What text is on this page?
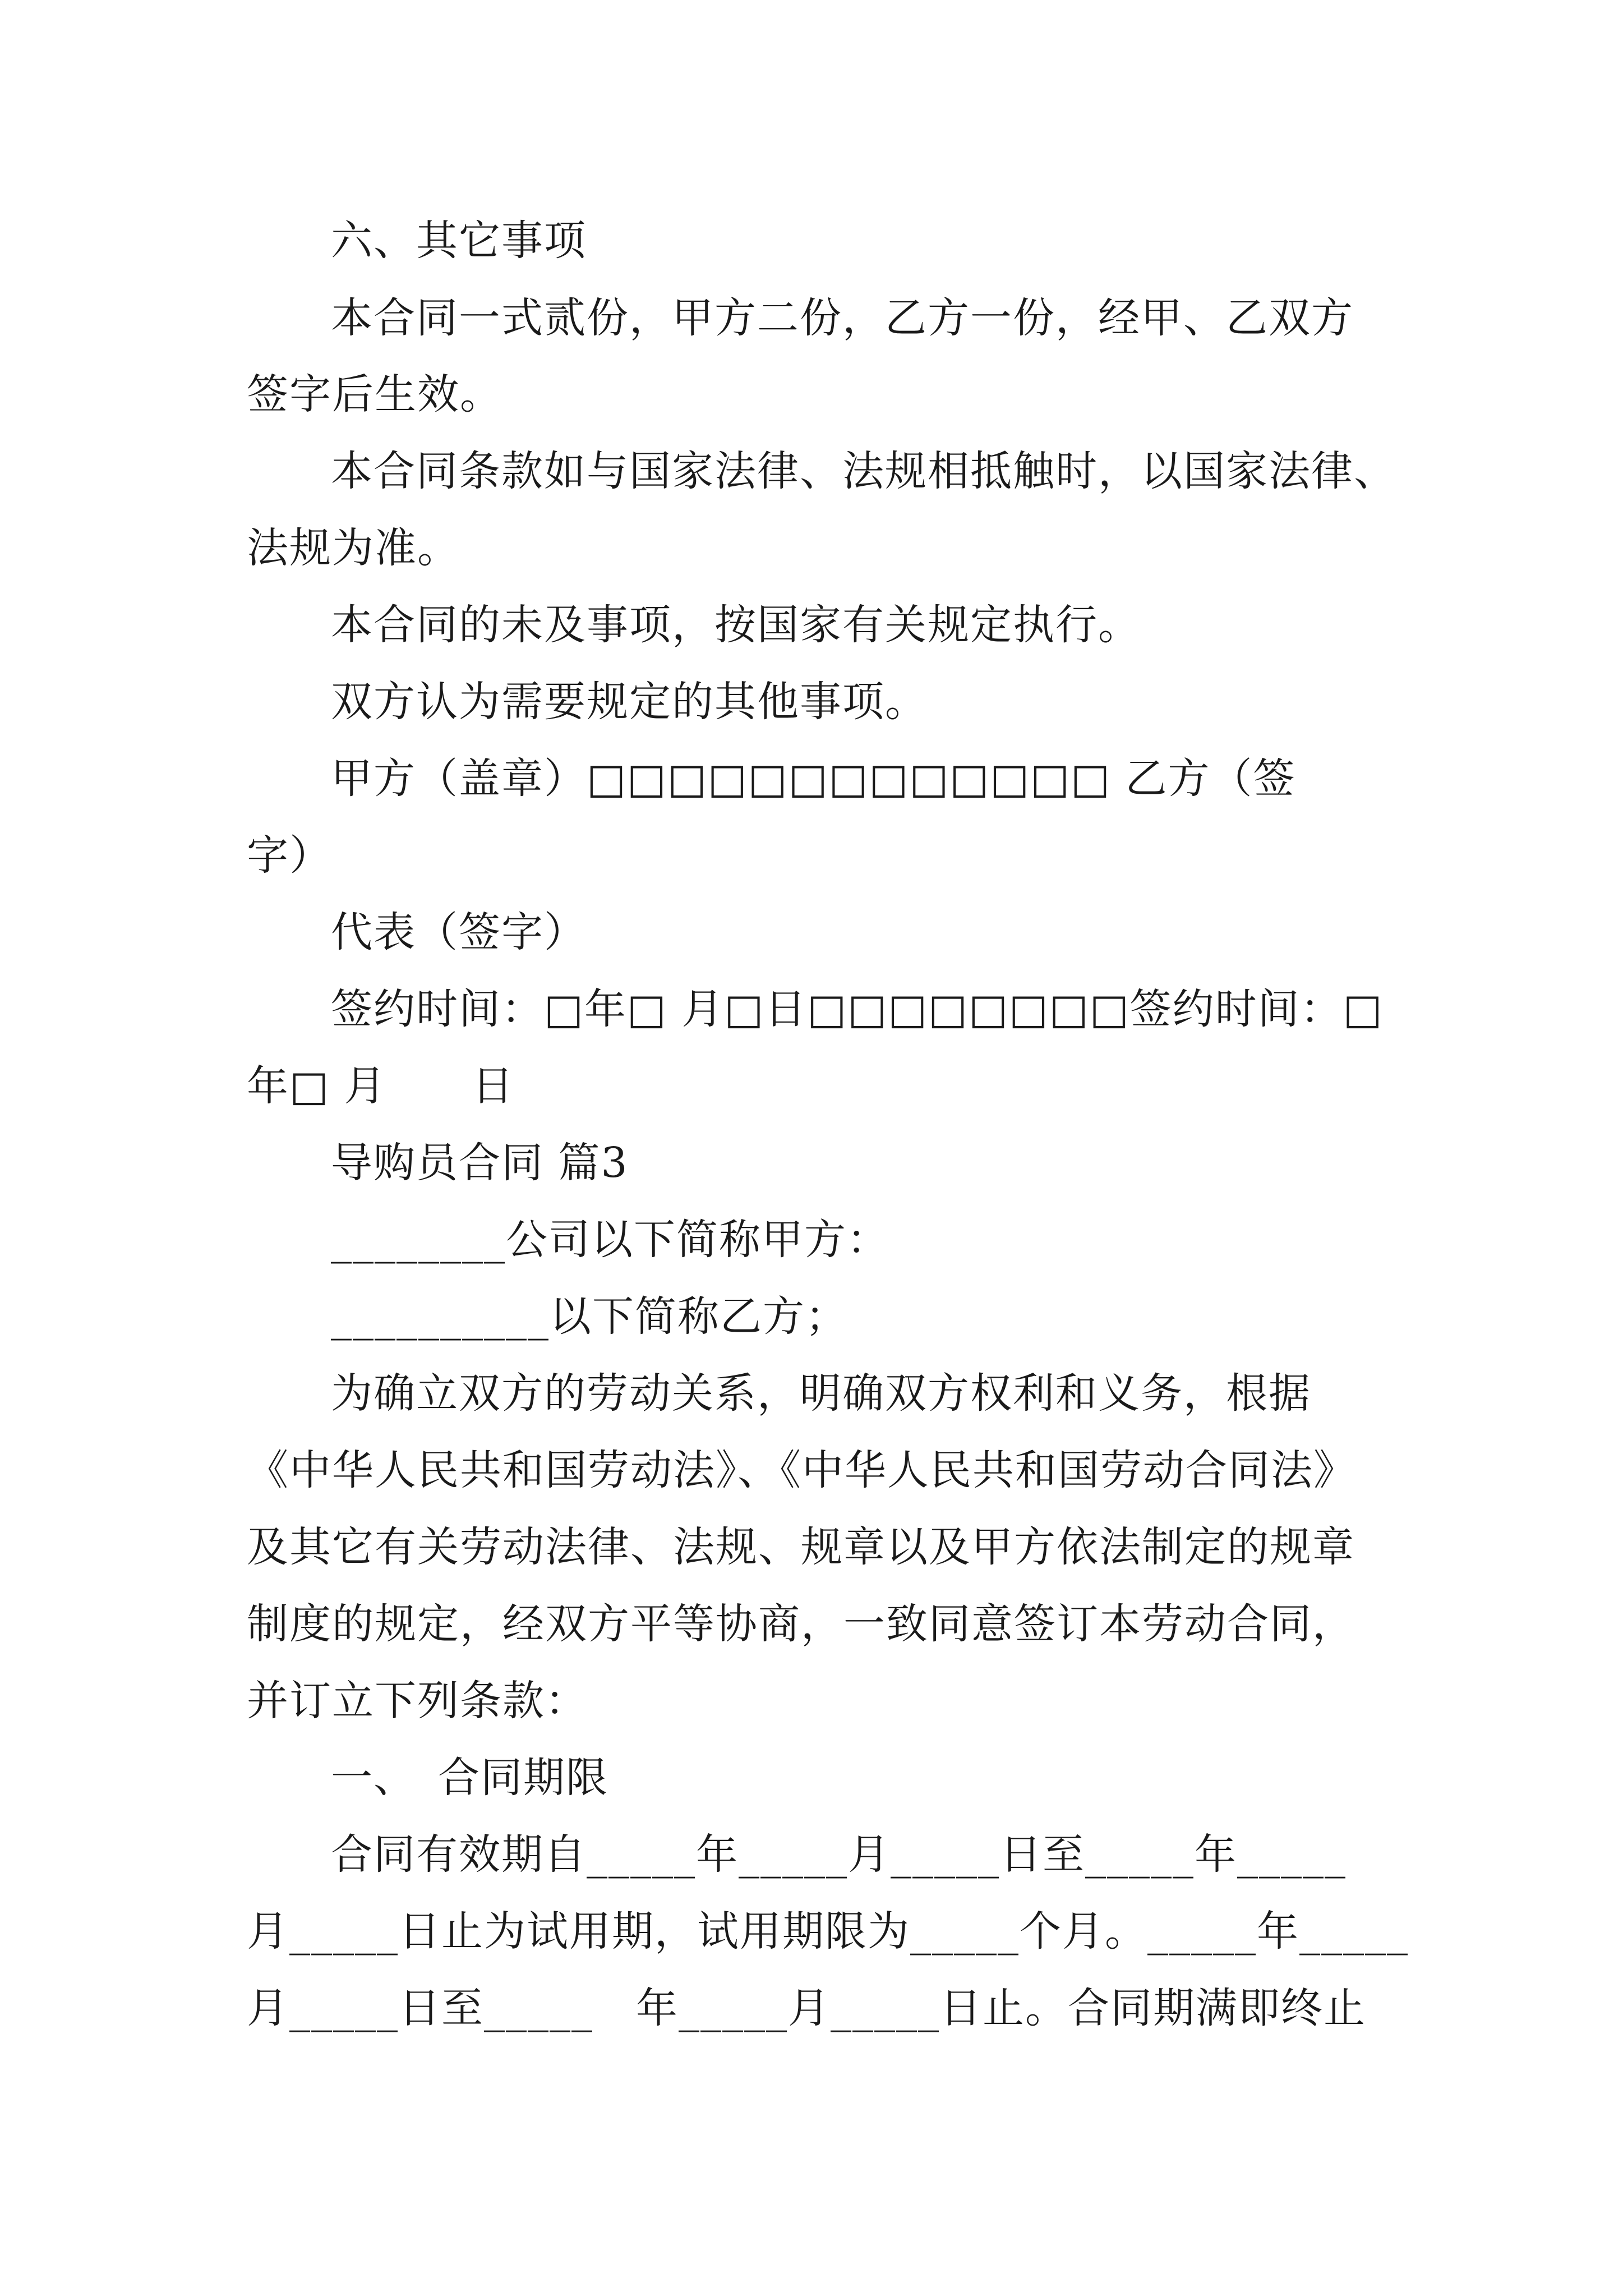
六、其它事项
本合同一式贰份，甲方二份，乙方一份，经甲、乙双方
签字后生效。
本合同条款如与国家法律、法规相抵触时，以国家法律、
法规为准。
本合同的未及事项，按国家有关规定执行。
双方认为需要规定的其他事项。
甲方（盖章）□□□□□□□□□□□□□ 乙方（签
字）
代表（签字）
签约时间：□年□ 月□日□□□□□□□□签约时间：□
年□ 月　　日
导购员合同 篇3
________公司以下简称甲方：
__________以下简称乙方；
为确立双方的劳动关系，明确双方权利和义务，根据
《中华人民共和国劳动法》、《中华人民共和国劳动合同法》
及其它有关劳动法律、法规、规章以及甲方依法制定的规章
制度的规定，经双方平等协商，一致同意签订本劳动合同，
并订立下列条款：
一、　合同期限
合同有效期自_____年_____月_____日至_____年_____
月_____日止为试用期，试用期限为_____个月。_____年_____
月_____日至_____　年_____月_____日止。合同期满即终止
